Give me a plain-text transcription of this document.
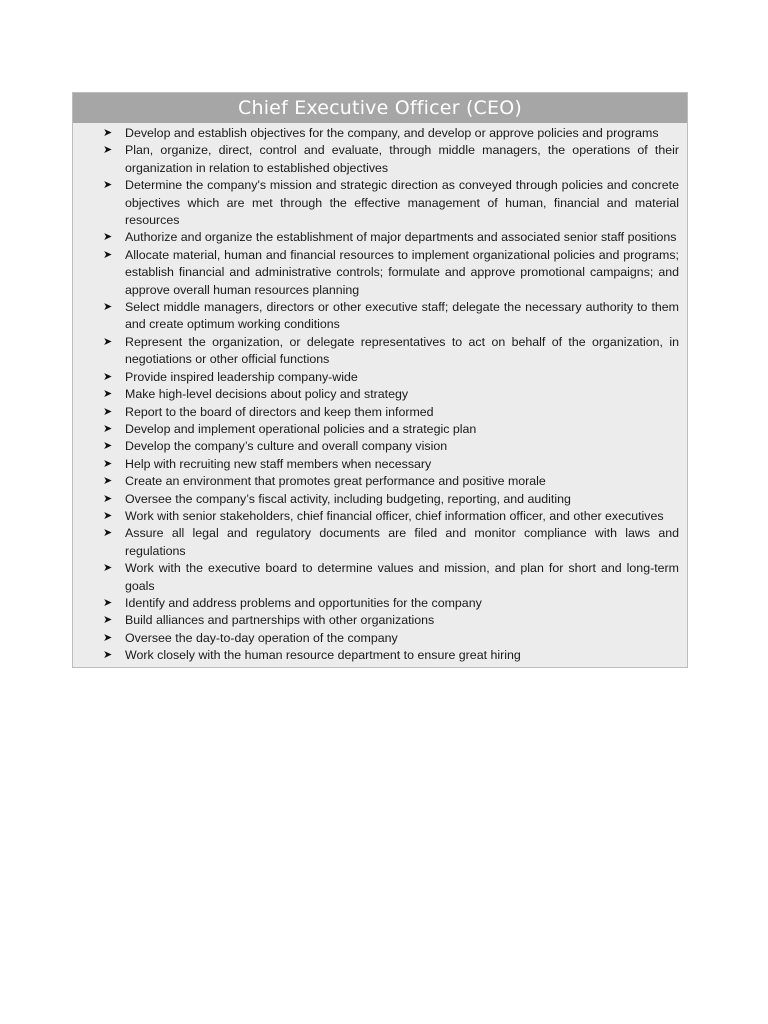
Chief Executive Officer (CEO)
➤	Develop and establish objectives for the company, and develop or approve policies and programs
➤	Plan, organize, direct, control and evaluate, through middle managers, the operations of their organization in relation to established objectives
➤	Determine the company's mission and strategic direction as conveyed through policies and concrete objectives which are met through the effective management of human, financial and material resources
➤	Authorize and organize the establishment of major departments and associated senior staff positions
➤	Allocate material, human and financial resources to implement organizational policies and programs; establish financial and administrative controls; formulate and approve promotional campaigns; and approve overall human resources planning
➤	Select middle managers, directors or other executive staff; delegate the necessary authority to them and create optimum working conditions
➤	Represent the organization, or delegate representatives to act on behalf of the organization, in negotiations or other official functions
➤	Provide inspired leadership company-wide
➤	Make high-level decisions about policy and strategy
➤	Report to the board of directors and keep them informed
➤	Develop and implement operational policies and a strategic plan
➤	Develop the company’s culture and overall company vision
➤	Help with recruiting new staff members when necessary
➤	Create an environment that promotes great performance and positive morale
➤	Oversee the company’s fiscal activity, including budgeting, reporting, and auditing
➤	Work with senior stakeholders, chief financial officer, chief information officer, and other executives
➤	Assure all legal and regulatory documents are filed and monitor compliance with laws and regulations
➤	Work with the executive board to determine values and mission, and plan for short and long-term goals
➤	Identify and address problems and opportunities for the company
➤	Build alliances and partnerships with other organizations
➤	Oversee the day-to-day operation of the company
➤	Work closely with the human resource department to ensure great hiring
